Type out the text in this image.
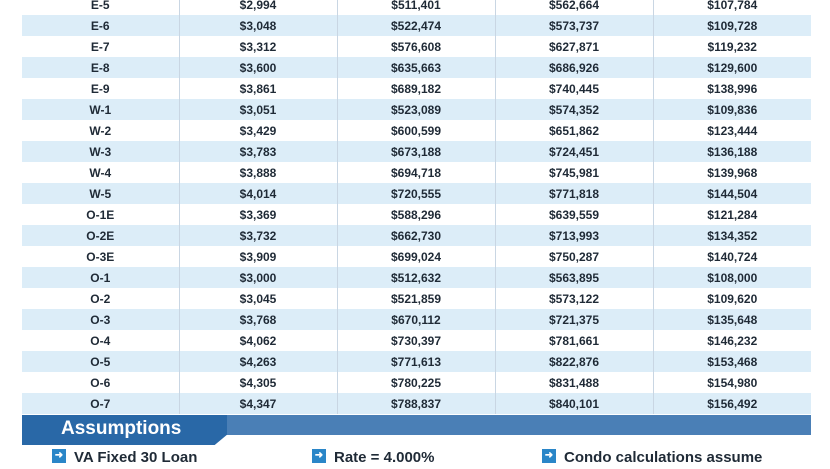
E-5	$2,994	$511,401	$562,664	$107,784
E-6	$3,048	$522,474	$573,737	$109,728
E-7	$3,312	$576,608	$627,871	$119,232
E-8	$3,600	$635,663	$686,926	$129,600
E-9	$3,861	$689,182	$740,445	$138,996
W-1	$3,051	$523,089	$574,352	$109,836
W-2	$3,429	$600,599	$651,862	$123,444
W-3	$3,783	$673,188	$724,451	$136,188
W-4	$3,888	$694,718	$745,981	$139,968
W-5	$4,014	$720,555	$771,818	$144,504
O-1E	$3,369	$588,296	$639,559	$121,284
O-2E	$3,732	$662,730	$713,993	$134,352
O-3E	$3,909	$699,024	$750,287	$140,724
O-1	$3,000	$512,632	$563,895	$108,000
O-2	$3,045	$521,859	$573,122	$109,620
O-3	$3,768	$670,112	$721,375	$135,648
O-4	$4,062	$730,397	$781,661	$146,232
O-5	$4,263	$771,613	$822,876	$153,468
O-6	$4,305	$780,225	$831,488	$154,980
O-7	$4,347	$788,837	$840,101	$156,492
Assumptions
➜ VA Fixed 30 Loan	➜ Rate = 4.000%	➜ Condo calculations assume
